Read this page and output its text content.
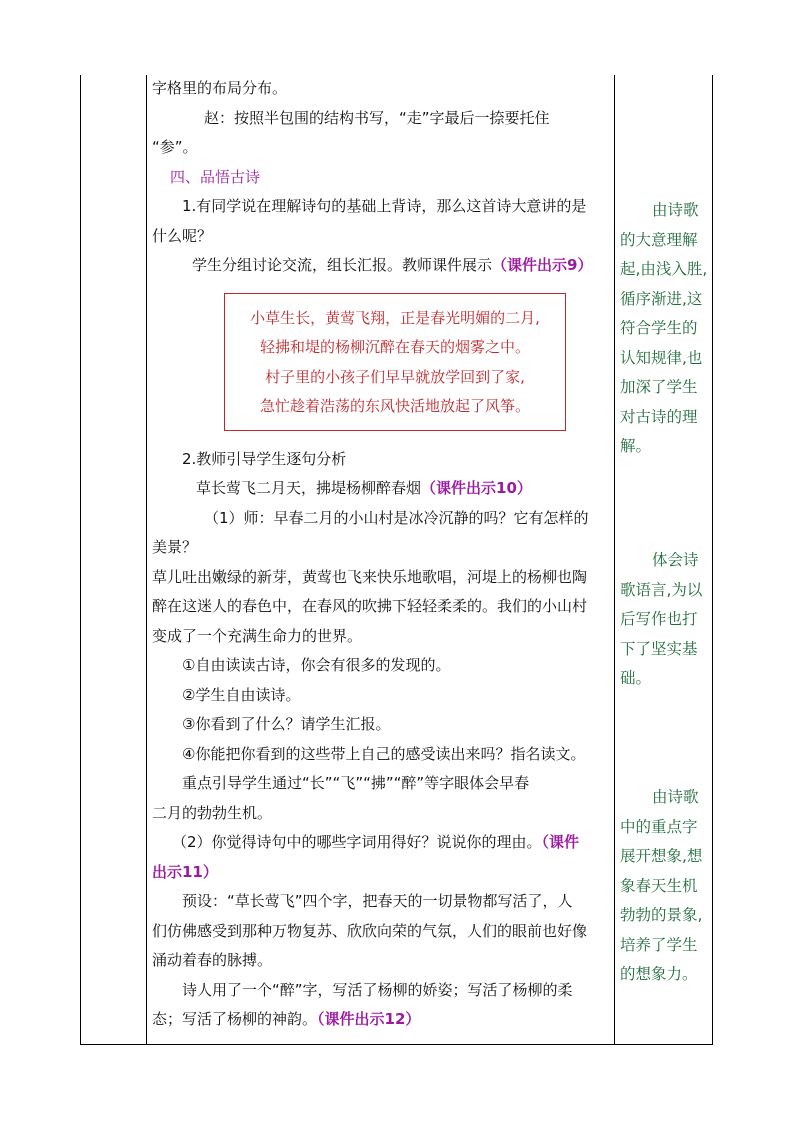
字格里的布局分布。

赵：按照半包围的结构书写，“走”字最后一捺要托住

“参”。

四、品悟古诗

1.有同学说在理解诗句的基础上背诗，那么这首诗大意讲的是

什么呢？

学生分组讨论交流，组长汇报。教师课件展示（课件出示9）

小草生长，黄莺飞翔，正是春光明媚的二月,

轻拂和堤的杨柳沉醉在春天的烟雾之中。

村子里的小孩子们早早就放学回到了家,

急忙趁着浩荡的东风快活地放起了风筝。

2.教师引导学生逐句分析

草长莺飞二月天，拂堤杨柳醉春烟（课件出示10）

（1）师：早春二月的小山村是冰冷沉静的吗？它有怎样的

美景？

草儿吐出嫩绿的新芽，黄莺也飞来快乐地歌唱，河堤上的杨柳也陶

醉在这迷人的春色中，在春风的吹拂下轻轻柔柔的。我们的小山村

变成了一个充满生命力的世界。

①自由读读古诗，你会有很多的发现的。

②学生自由读诗。

③你看到了什么？请学生汇报。

④你能把你看到的这些带上自己的感受读出来吗？指名读文。

重点引导学生通过“长”“飞”“拂”“醉”等字眼体会早春

二月的勃勃生机。

（2）你觉得诗句中的哪些字词用得好？说说你的理由。（课件

出示11）

预设：“草长莺飞”四个字，把春天的一切景物都写活了，人

们仿佛感受到那种万物复苏、欣欣向荣的气氛，人们的眼前也好像

涌动着春的脉搏。

诗人用了一个“醉”字，写活了杨柳的娇姿；写活了杨柳的柔

态；写活了杨柳的神韵。（课件出示12）

由诗歌

的大意理解

起,由浅入胜,

循序渐进,这

符合学生的

认知规律,也

加深了学生

对古诗的理

解。

体会诗

歌语言,为以

后写作也打

下了坚实基

础。

由诗歌

中的重点字

展开想象,想

象春天生机

勃勃的景象,

培养了学生

的想象力。
